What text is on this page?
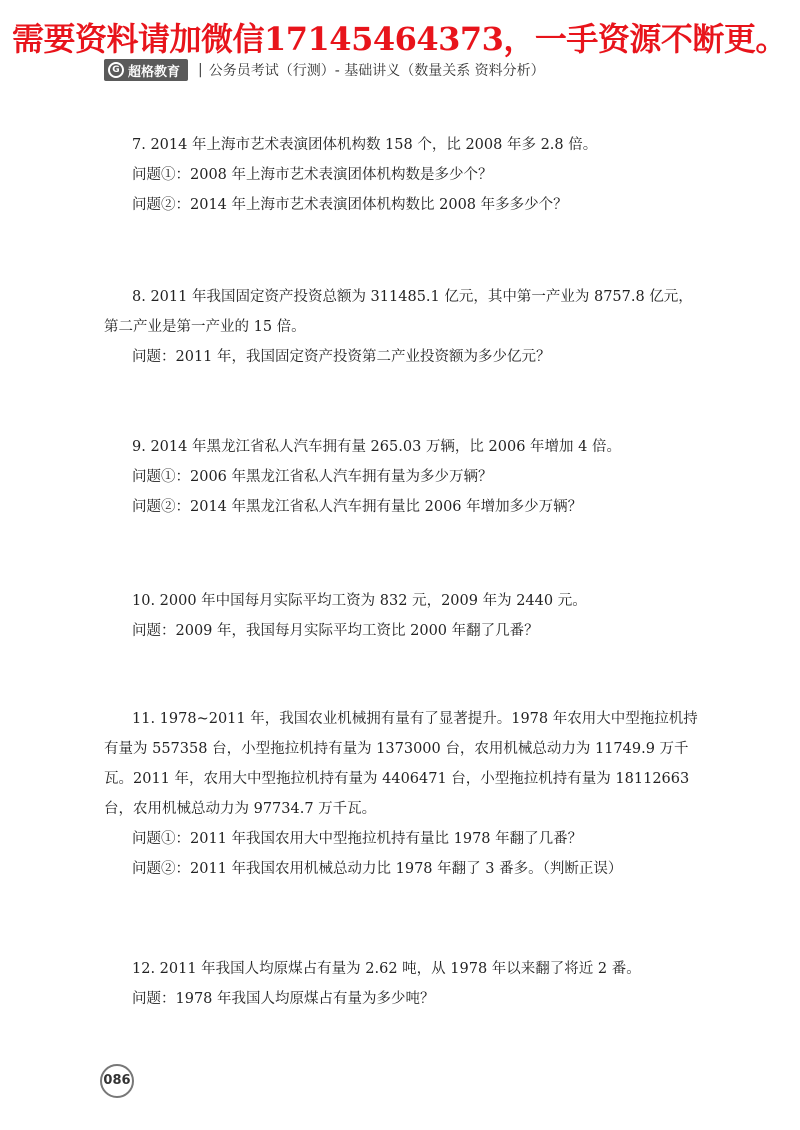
需要资料请加微信17145464373，一手资源不断更。
G 超格教育 | 公务员考试（行测）- 基础讲义（数量关系 资料分析）

7. 2014 年上海市艺术表演团体机构数 158 个，比 2008 年多 2.8 倍。

问题①：2008 年上海市艺术表演团体机构数是多少个？

问题②：2014 年上海市艺术表演团体机构数比 2008 年多多少个？

8. 2011 年我国固定资产投资总额为 311485.1 亿元，其中第一产业为 8757.8 亿元，第二产业是第一产业的 15 倍。

问题：2011 年，我国固定资产投资第二产业投资额为多少亿元？

9. 2014 年黑龙江省私人汽车拥有量 265.03 万辆，比 2006 年增加 4 倍。

问题①：2006 年黑龙江省私人汽车拥有量为多少万辆？

问题②：2014 年黑龙江省私人汽车拥有量比 2006 年增加多少万辆？

10. 2000 年中国每月实际平均工资为 832 元，2009 年为 2440 元。

问题：2009 年，我国每月实际平均工资比 2000 年翻了几番？

11. 1978~2011 年，我国农业机械拥有量有了显著提升。1978 年农用大中型拖拉机持有量为 557358 台，小型拖拉机持有量为 1373000 台，农用机械总动力为 11749.9 万千瓦。2011 年，农用大中型拖拉机持有量为 4406471 台，小型拖拉机持有量为 18112663 台，农用机械总动力为 97734.7 万千瓦。

问题①：2011 年我国农用大中型拖拉机持有量比 1978 年翻了几番？

问题②：2011 年我国农用机械总动力比 1978 年翻了 3 番多。（判断正误）

12. 2011 年我国人均原煤占有量为 2.62 吨，从 1978 年以来翻了将近 2 番。

问题：1978 年我国人均原煤占有量为多少吨？

086
